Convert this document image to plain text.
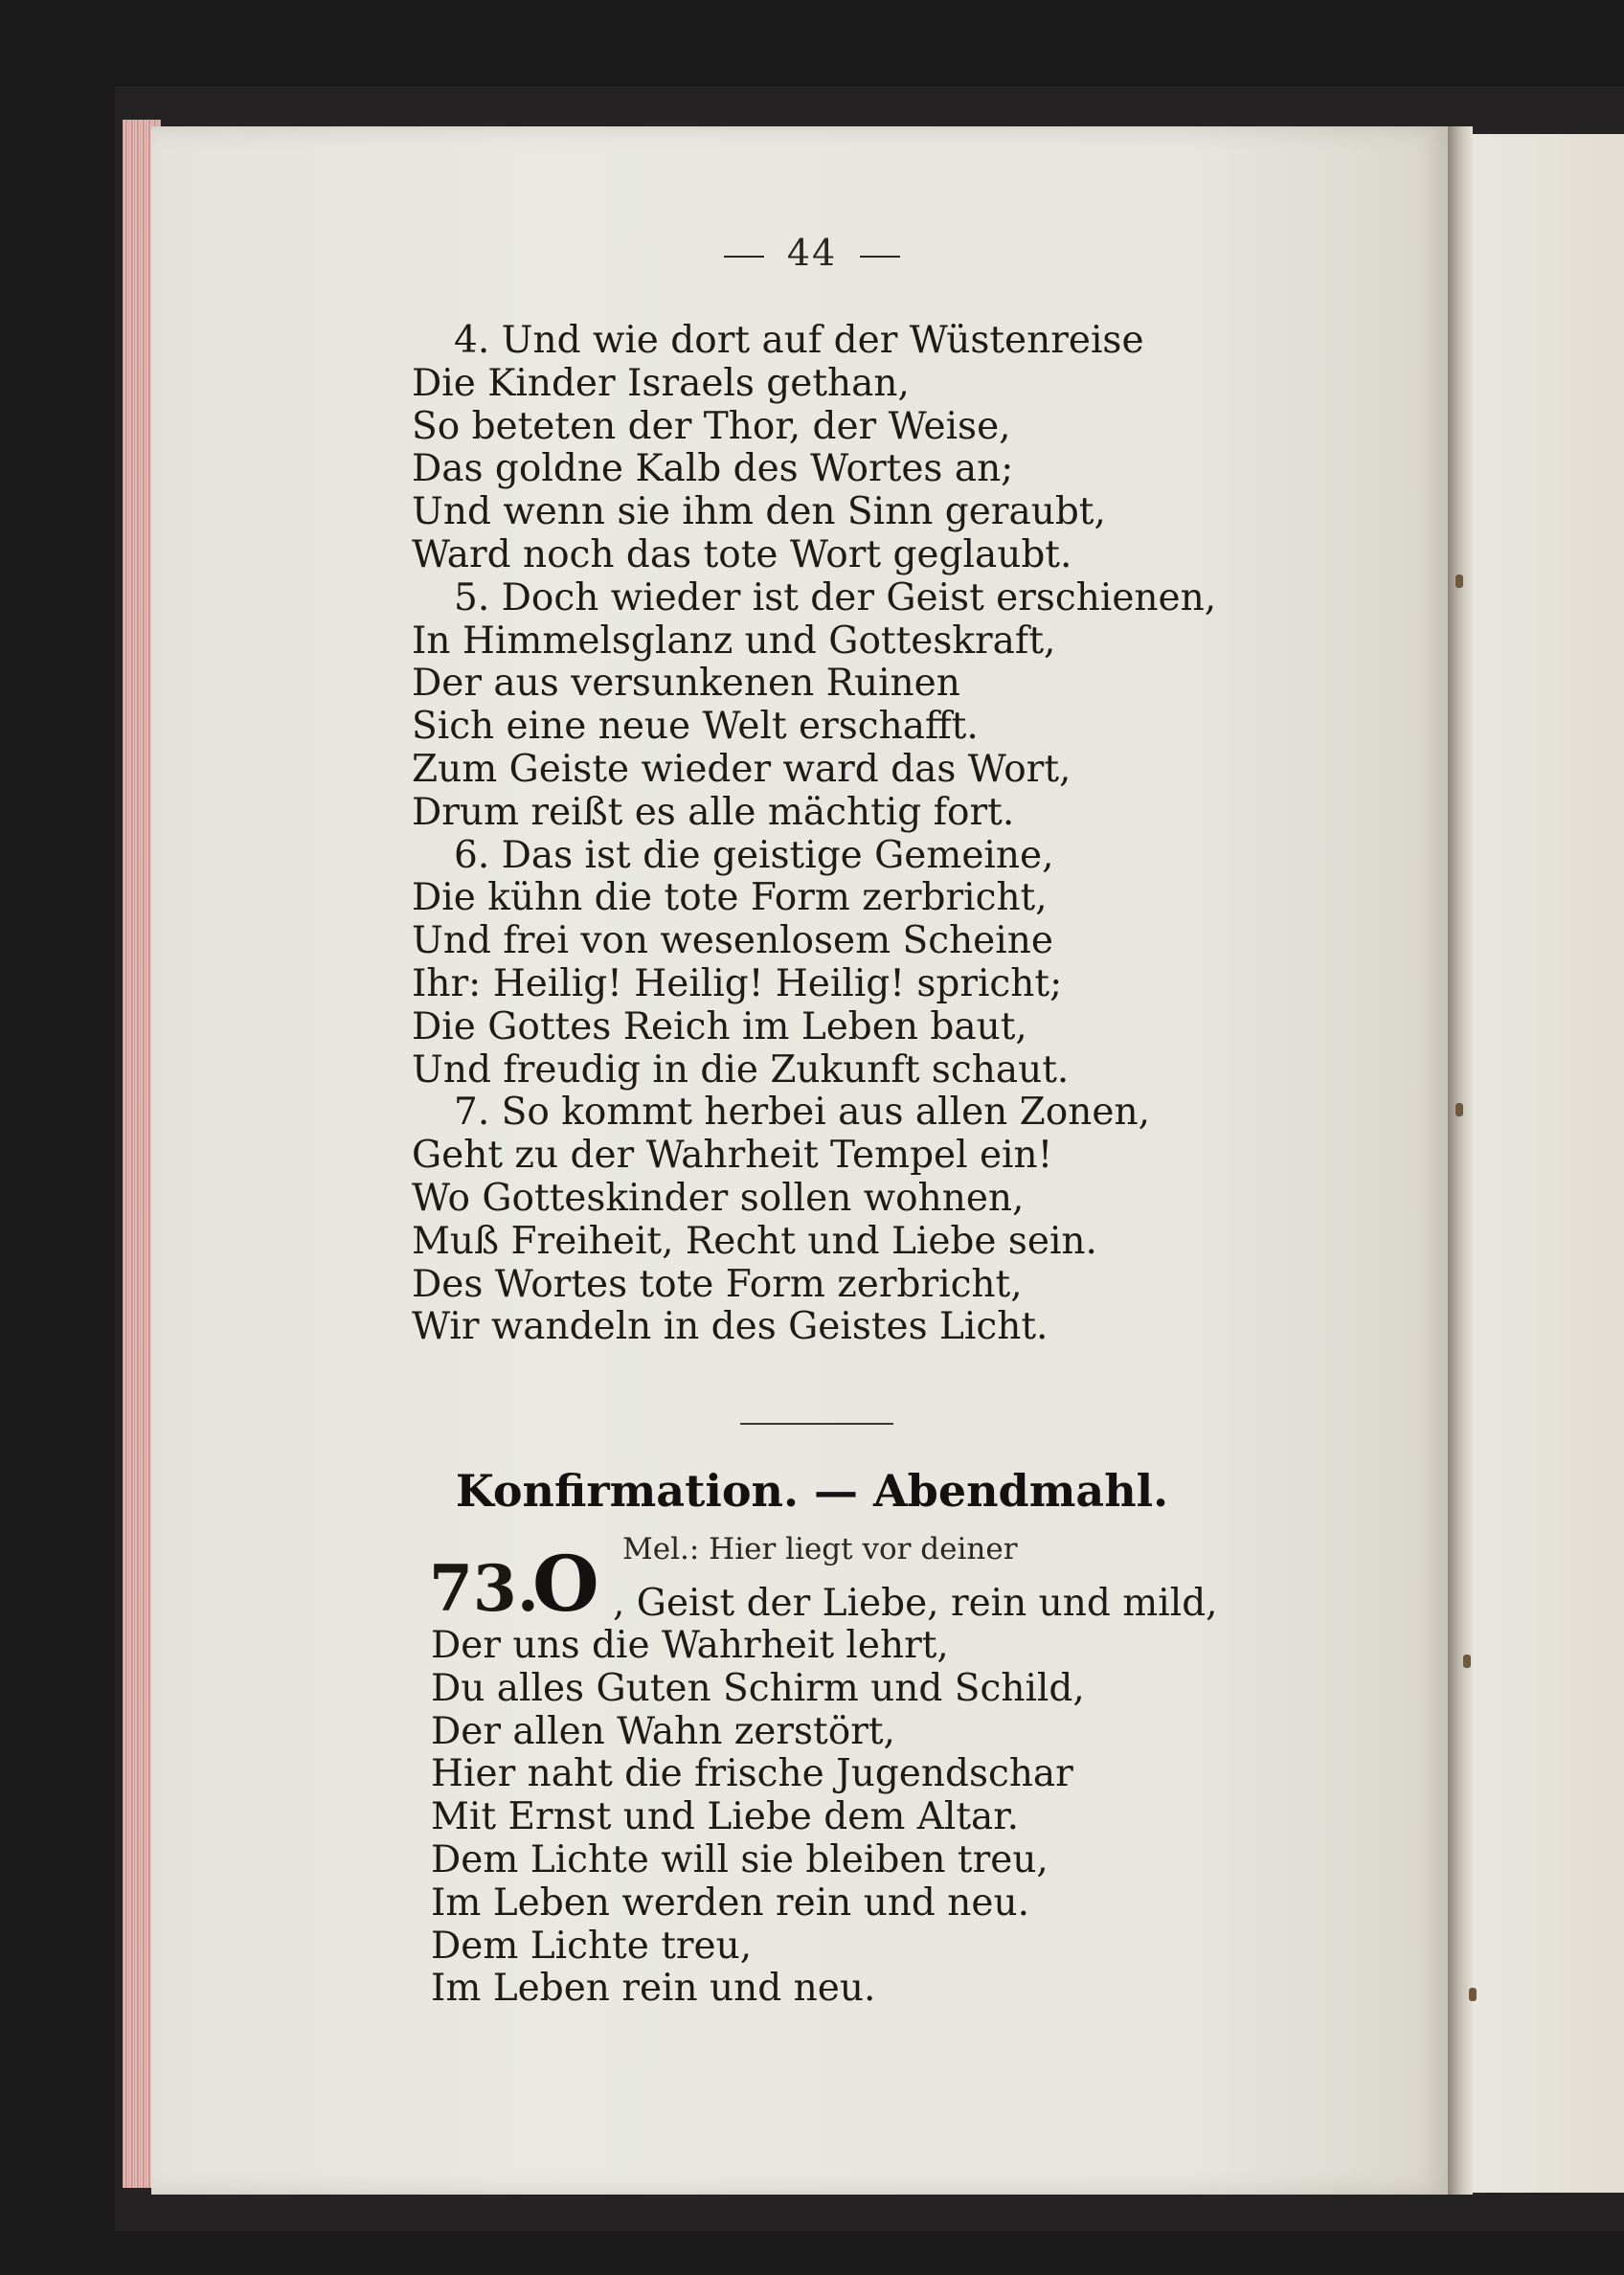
44
4. Und wie dort auf der Wüstenreise
Die Kinder Israels gethan,
So beteten der Thor, der Weise,
Das goldne Kalb des Wortes an;
Und wenn sie ihm den Sinn geraubt,
Ward noch das tote Wort geglaubt.
5. Doch wieder ist der Geist erschienen,
In Himmelsglanz und Gotteskraft,
Der aus versunkenen Ruinen
Sich eine neue Welt erschafft.
Zum Geiste wieder ward das Wort,
Drum reißt es alle mächtig fort.
6. Das ist die geistige Gemeine,
Die kühn die tote Form zerbricht,
Und frei von wesenlosem Scheine
Ihr: Heilig! Heilig! Heilig! spricht;
Die Gottes Reich im Leben baut,
Und freudig in die Zukunft schaut.
7. So kommt herbei aus allen Zonen,
Geht zu der Wahrheit Tempel ein!
Wo Gotteskinder sollen wohnen,
Muß Freiheit, Recht und Liebe sein.
Des Wortes tote Form zerbricht,
Wir wandeln in des Geistes Licht.
Konfirmation. — Abendmahl.
Mel.: Hier liegt vor deiner
73.
O , Geist der Liebe, rein und mild,
Der uns die Wahrheit lehrt,
Du alles Guten Schirm und Schild,
Der allen Wahn zerstört,
Hier naht die frische Jugendschar
Mit Ernst und Liebe dem Altar.
Dem Lichte will sie bleiben treu,
Im Leben werden rein und neu.
Dem Lichte treu,
Im Leben rein und neu.
